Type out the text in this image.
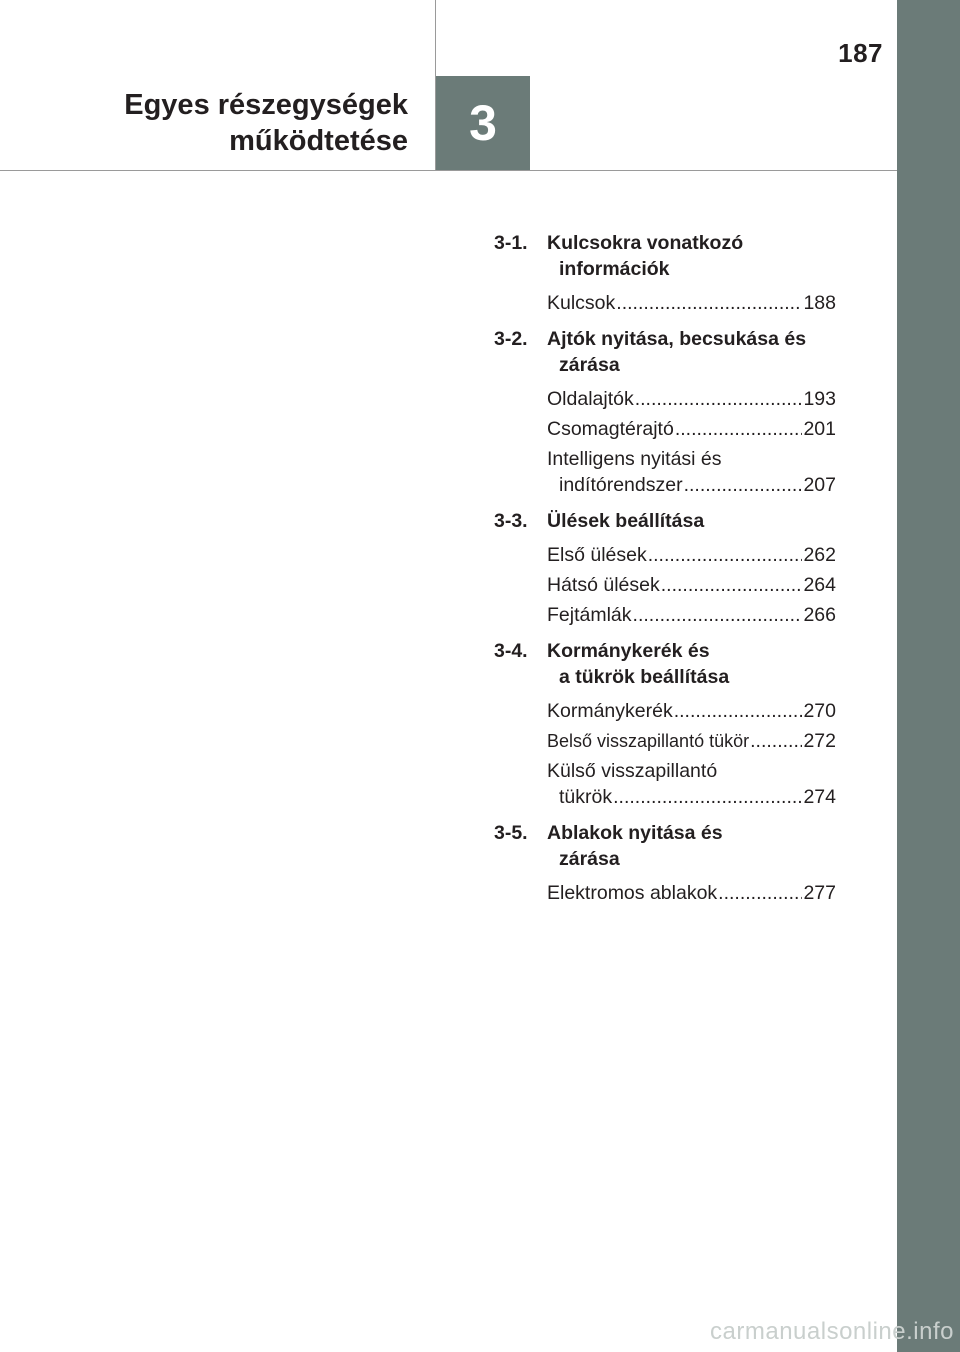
187
Egyes részegységek
működtetése 3
3-1. Kulcsokra vonatkozó
információk
Kulcsok .....	188
3-2. Ajtók nyitása, becsukása és
zárása
Oldalajtók .....	193
Csomagtérajtó .....	201
Intelligens nyitási és
indítórendszer .....	207
3-3. Ülések beállítása
Első ülések .....	262
Hátsó ülések .....	264
Fejtámlák .....	266
3-4. Kormánykerék és
a tükrök beállítása
Kormánykerék .....	270
Belső visszapillantó tükör .....	272
Külső visszapillantó
tükrök .....	274
3-5. Ablakok nyitása és
zárása
Elektromos ablakok .....	277
carmanualsonline.info
